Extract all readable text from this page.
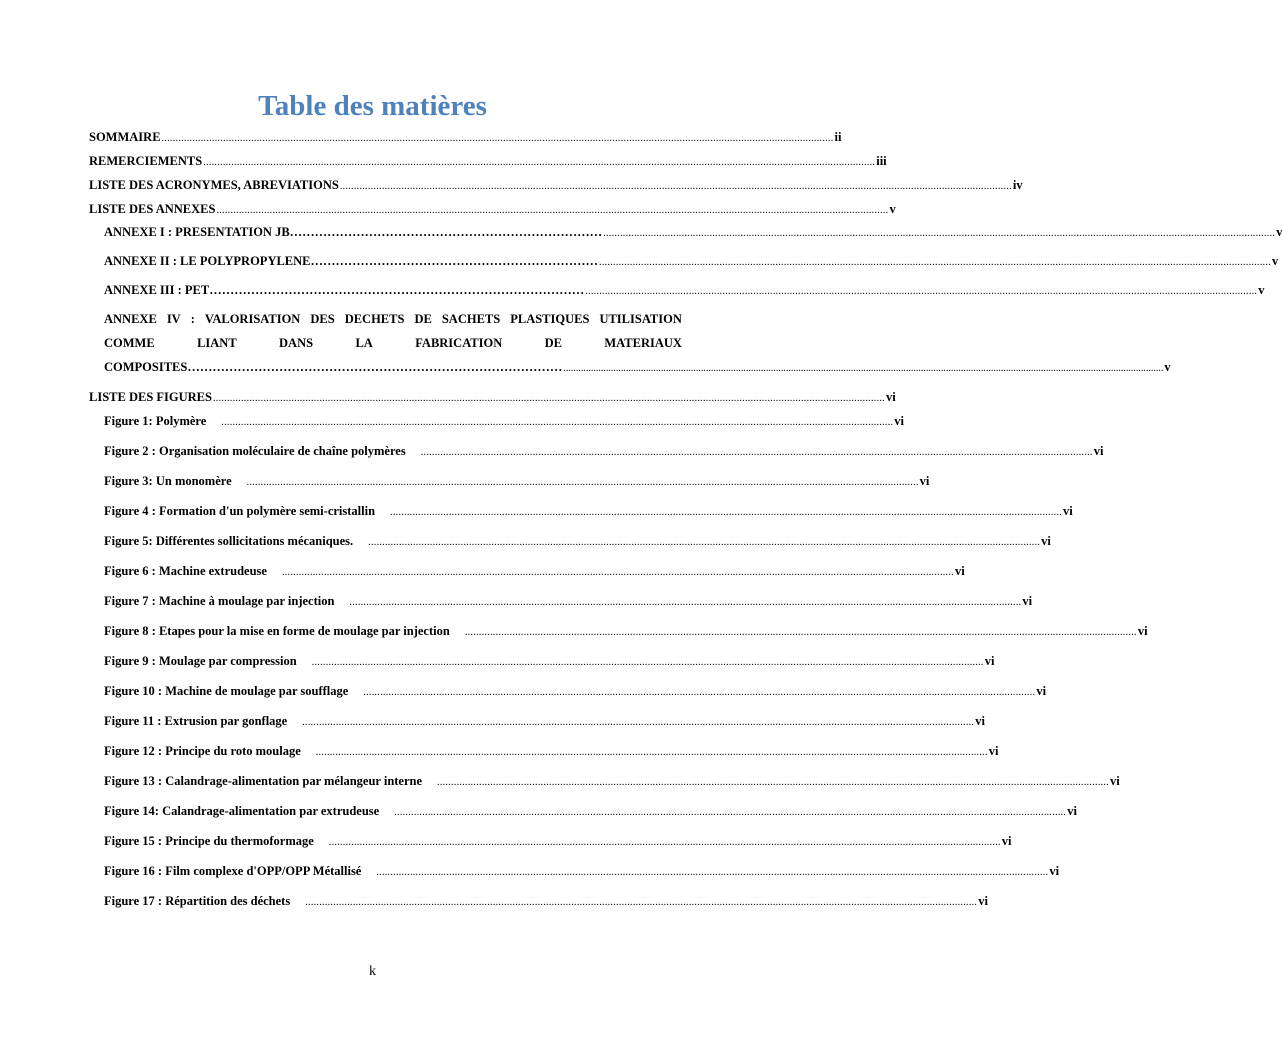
Table des matières
SOMMAIRE ................................................................................................................................................................................................................................................ ii
REMERCIEMENTS ................................................................................................................................................................................................................................................ iii
LISTE DES ACRONYMES, ABREVIATIONS ................................................................................................................................................................................................................................................ iv
LISTE DES ANNEXES ................................................................................................................................................................................................................................................ v
ANNEXE I : PRESENTATION JB………………………………………………………………… ................................................................................................................................................................................................................................................ v
ANNEXE II : LE POLYPROPYLENE…………………………………………………………… ................................................................................................................................................................................................................................................ v
ANNEXE III : PET……………………………………………………………………………… ................................................................................................................................................................................................................................................ v
ANNEXE IV : VALORISATION DES DECHETS DE SACHETS PLASTIQUES UTILISATION
COMME	LIANT	DANS	LA	FABRICATION	DE	MATERIAUX
COMPOSITES……………………………………………………………………………… ................................................................................................................................................................................................................................................ v
LISTE DES FIGURES ................................................................................................................................................................................................................................................ vi
Figure 1: Polymère ................................................................................................................................................................................................................................................ vi
Figure 2 : Organisation moléculaire de chaîne polymères ................................................................................................................................................................................................................................................ vi
Figure 3: Un monomère ................................................................................................................................................................................................................................................ vi
Figure 4 : Formation d'un polymère semi-cristallin ................................................................................................................................................................................................................................................ vi
Figure 5: Différentes sollicitations mécaniques. ................................................................................................................................................................................................................................................ vi
Figure 6 : Machine extrudeuse ................................................................................................................................................................................................................................................ vi
Figure 7 : Machine à moulage par injection ................................................................................................................................................................................................................................................ vi
Figure 8 : Etapes pour la mise en forme de moulage par injection ................................................................................................................................................................................................................................................ vi
Figure 9 : Moulage par compression ................................................................................................................................................................................................................................................ vi
Figure 10 : Machine de moulage par soufflage ................................................................................................................................................................................................................................................ vi
Figure 11 : Extrusion par gonflage ................................................................................................................................................................................................................................................ vi
Figure 12 : Principe du roto moulage ................................................................................................................................................................................................................................................ vi
Figure 13 : Calandrage-alimentation par mélangeur interne ................................................................................................................................................................................................................................................ vi
Figure 14: Calandrage-alimentation par extrudeuse ................................................................................................................................................................................................................................................ vi
Figure 15 : Principe du thermoformage ................................................................................................................................................................................................................................................ vi
Figure 16 : Film complexe d'OPP/OPP Métallisé ................................................................................................................................................................................................................................................ vi
Figure 17 : Répartition des déchets ................................................................................................................................................................................................................................................ vi
k
